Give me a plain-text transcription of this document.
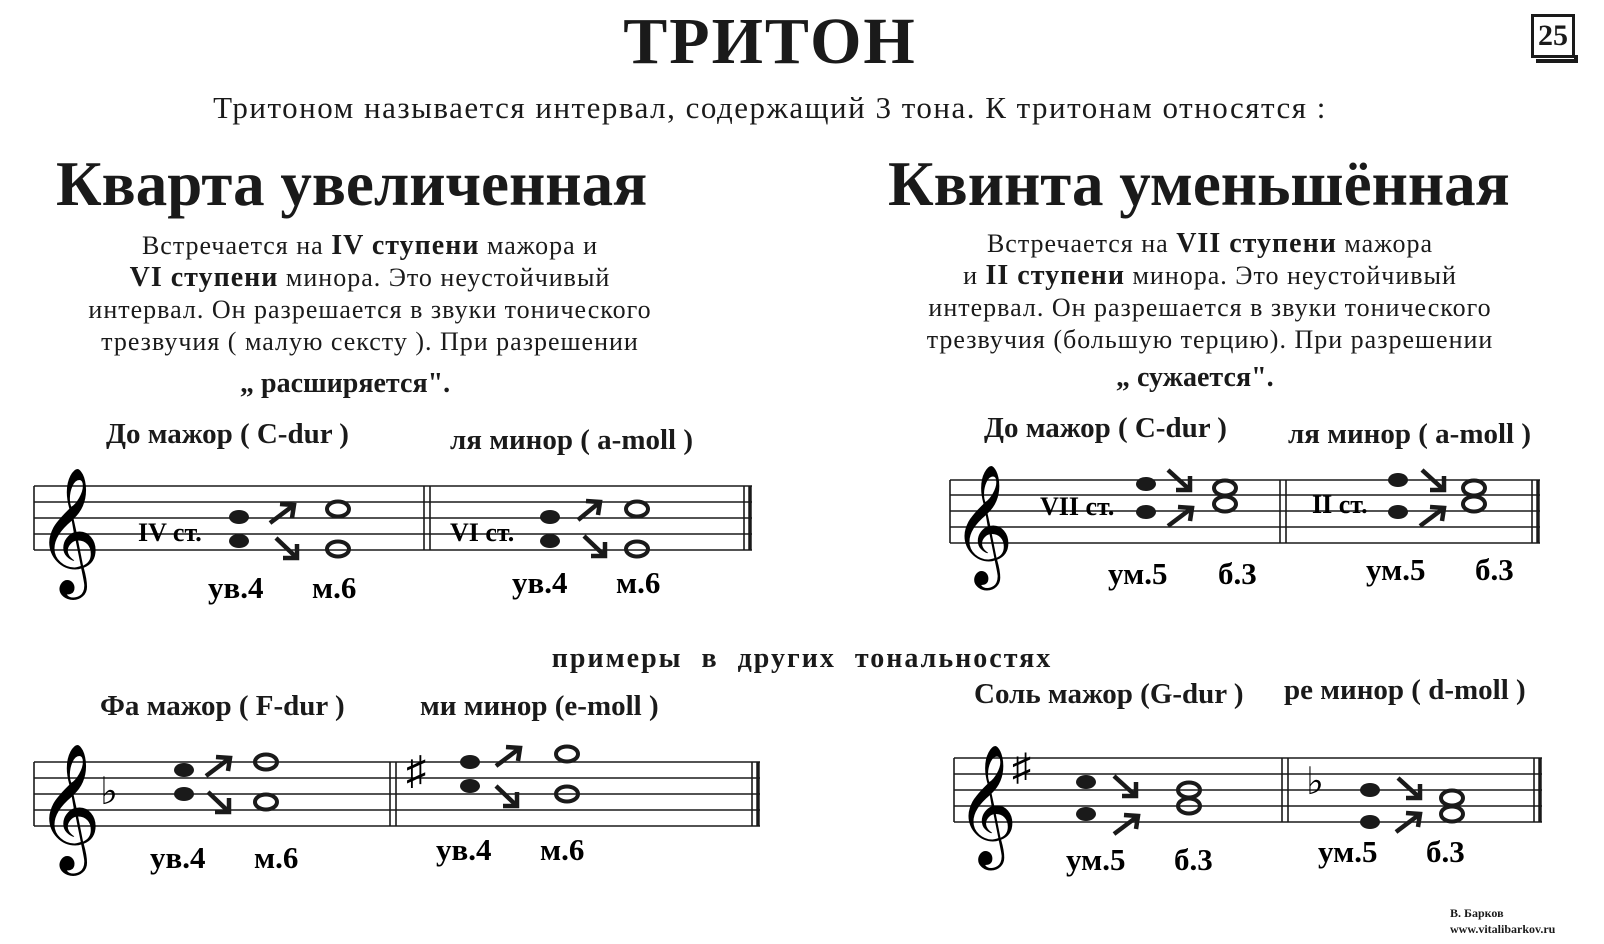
ТРИТОН	25
Тритоном называется интервал, содержащий 3 тона. К тритонам относятся :
Кварта увеличенная
Встречается на IV ступени мажора и
VI ступени минора. Это неустойчивый
интервал. Он разрешается в звуки тонического
трезвучия ( малую сексту ). При разрешении
„ расширяется".
До мажор ( C-dur )	ля минор ( a-moll )
Квинта уменьшённая
Встречается на VII ступени мажора
и II ступени минора. Это неустойчивый
интервал. Он разрешается в звуки тонического
трезвучия (большую терцию). При разрешении
„ сужается".
До мажор ( C-dur ) ля минор ( a-moll )
примеры в других тональностях
Фа мажор ( F-dur )	ми минор (e-moll )	Соль мажор (G-dur ) ре минор ( d-moll )
𝄞 IV ст.
ув.4 м.6
VI ст.
ув.4 м.6	𝄞 VII ст.
ум.5 б.3
II ст.
ум.5 б.3
𝄞
♭
ув.4 м.6
♯
ув.4 м.6	𝄞
♯
ум.5 б.3
♭
ум.5 б.3
В. Барков
www.vitalibarkov.ru
